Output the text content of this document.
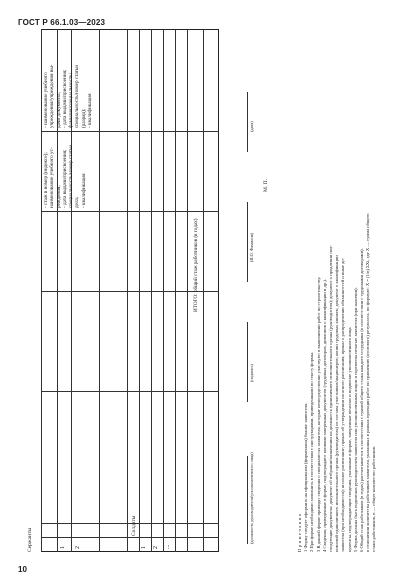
ГОСТ Р 66.1.03—2023
10
Сержанты	1 2
Солдаты
1 2 ...
- стаж в номер (индексе); наименование учебного ус- реждения; - дата выдачи/присвоения; специальность/номер статьи дела; - квалификация
- наименование учебного учреждения/учреждения вы- дачи документа; - дата выдачи/присвоения; фамилия/специальность/ специальность/номер статьи (разряд); - квалификация
ИТОГО: общий стаж работников (в годах)
(должность руководителя/уполномоченного лица)
(подпись)
(И.О. Фамилия)
(дата)
М. П.
Примечания 1 Форму следует оформить на официальном (фирменном) бланке заявителя. 2 При форме необходимо заполнить в соответствии с инструкциями, приведенными по тексту формы. 3 В данной форме приводят сведения о специалистах заявителя, которые непосредственно участвуют в выполнении работ по строительству. 4 Сведения, приведенные в форме, подтверждают копиями заверенных документов (трудовых договоров, дипломов о квалификации и др.). следующие документы: документ об избрании/назначении на должность единоличного исполнительного органа (руководителя); документ о продлении пол- номочий единоличного исполнительного органа (руководителя) из состава участников/акционеров; копии трудовых книжек; документ о квалификации заявителя (при необходимости); штатное расписание; приказ об утверждении штатного расписания; приказ о распределении обязанностей и иные до- кументы, подтверждающие сведения, указанные в форме, заверенные печатью и подписью уполномоченного лица. 5 Форма должна быть подписана руководителем заявителя или уполномоченным лицом и скреплена печатью заявителя (при наличии). 6 Общий стаж работников (в годах) рассчитывается в соответствии с суммой общего стажа каждого сотрудника (в соответствии с трудовыми договорами). в отношении количества работников заявителя, указанных в рамках проекции работ по сравнению (итогового) результата, по формуле: Х = (1/n) ΣXi, где Х — сумма общего стажа работников, n — общее количество работников.
